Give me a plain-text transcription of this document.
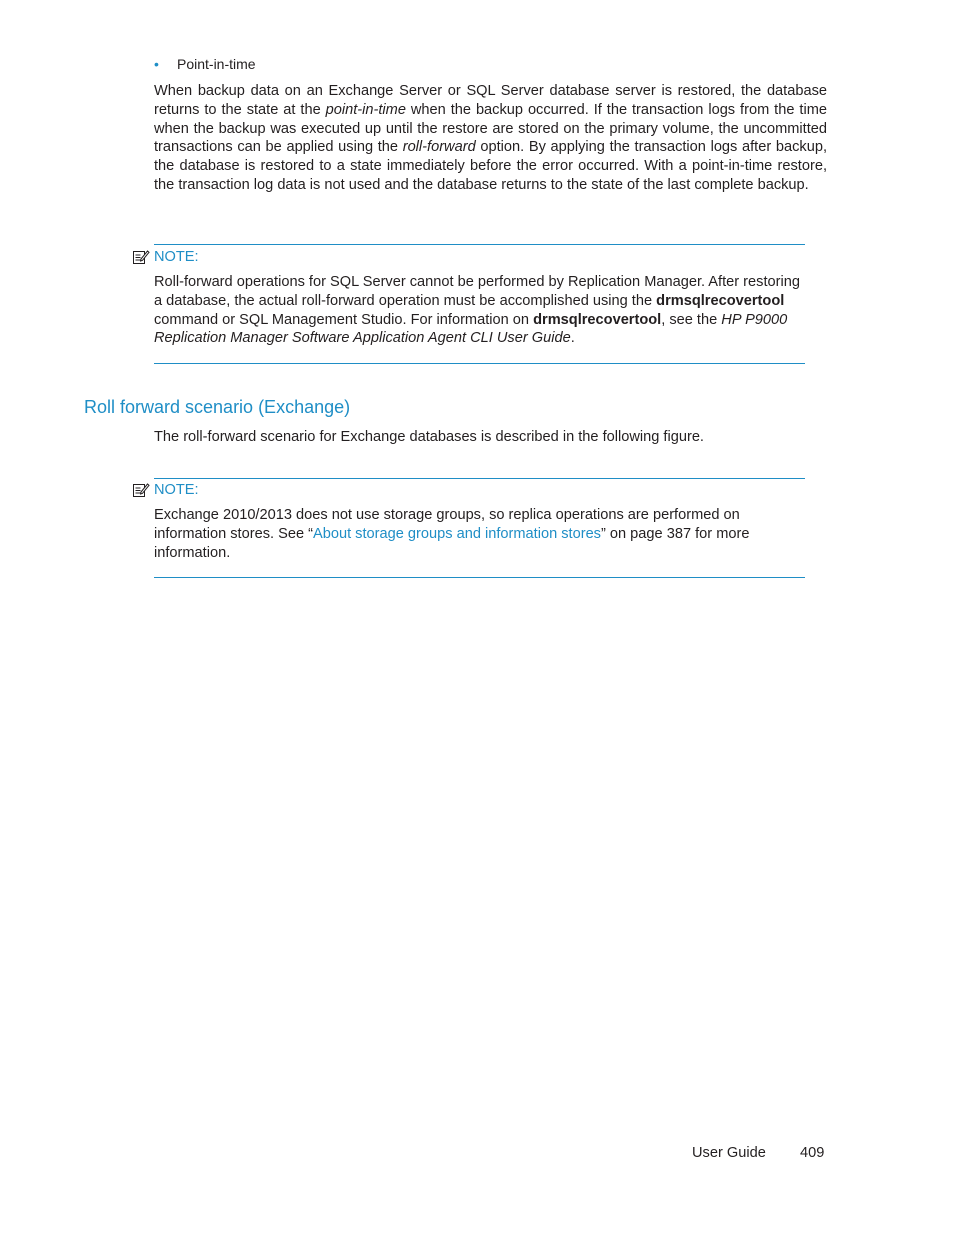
• Point-in-time
When backup data on an Exchange Server or SQL Server database server is restored, the database returns to the state at the point-in-time when the backup occurred. If the transaction logs from the time when the backup was executed up until the restore are stored on the primary volume, the uncommitted transactions can be applied using the roll-forward option. By applying the transaction logs after backup, the database is restored to a state immediately before the error occurred. With a point-in-time restore, the transaction log data is not used and the database returns to the state of the last complete backup.
NOTE:
Roll-forward operations for SQL Server cannot be performed by Replication Manager. After restoring a database, the actual roll-forward operation must be accomplished using the drmsqlrecovertool command or SQL Management Studio. For information on drmsqlrecovertool, see the HP P9000 Replication Manager Software Application Agent CLI User Guide.
Roll forward scenario (Exchange)
The roll-forward scenario for Exchange databases is described in the following figure.
NOTE:
Exchange 2010/2013 does not use storage groups, so replica operations are performed on information stores. See “About storage groups and information stores” on page 387 for more information.
User Guide 409
